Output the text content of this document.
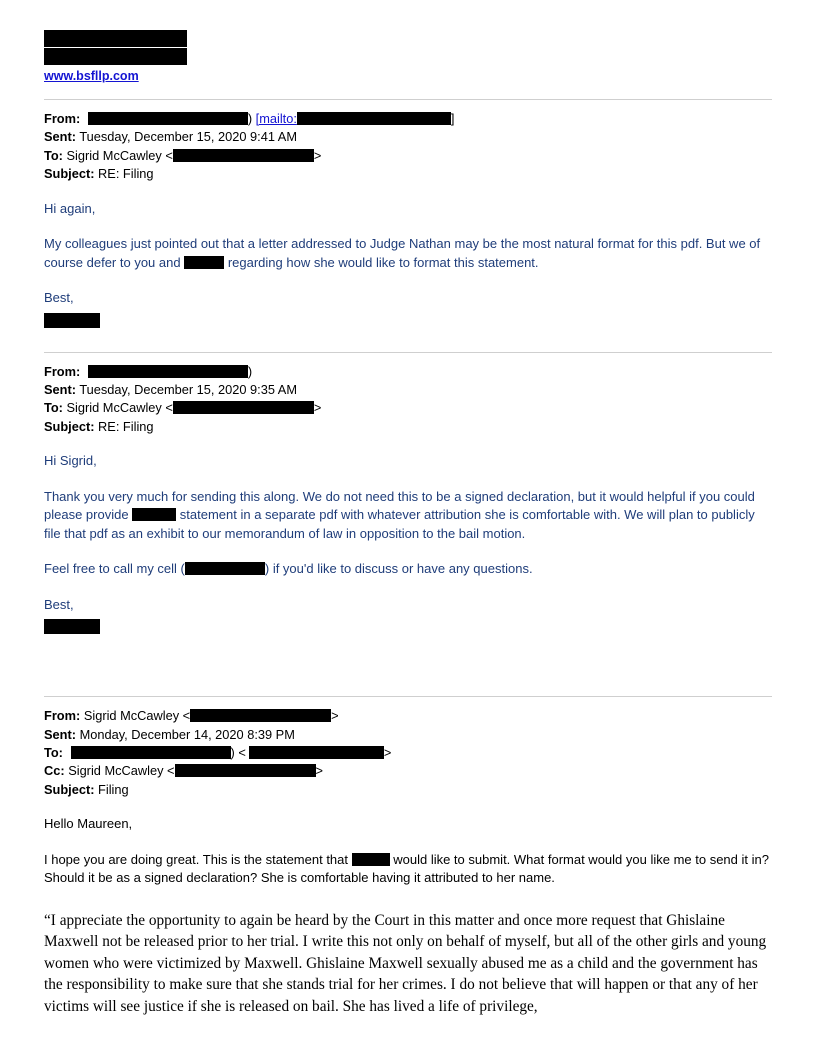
www.bsfllp.com
From:	) [mailto:	]
Sent: Tuesday, December 15, 2020 9:41 AM
To: Sigrid McCawley <	>
Subject: RE: Filing

Hi again,

My colleagues just pointed out that a letter addressed to Judge Nathan may be the most natural format for this pdf. But we of course defer to you and	regarding how she would like to format this statement.

Best,

From:	)
Sent: Tuesday, December 15, 2020 9:35 AM
To: Sigrid McCawley <	>
Subject: RE: Filing

Hi Sigrid,

Thank you very much for sending this along. We do not need this to be a signed declaration, but it would helpful if you could please provide	statement in a separate pdf with whatever attribution she is comfortable with. We will plan to publicly file that pdf as an exhibit to our memorandum of law in opposition to the bail motion.

Feel free to call my cell (	) if you'd like to discuss or have any questions.

Best,

From: Sigrid McCawley <	>
Sent: Monday, December 14, 2020 8:39 PM
To:	) <	>
Cc: Sigrid McCawley <	>
Subject: Filing

Hello Maureen,

I hope you are doing great. This is the statement that	would like to submit. What format would you like me to send it in? Should it be as a signed declaration? She is comfortable having it attributed to her name.

“I appreciate the opportunity to again be heard by the Court in this matter and once more request that Ghislaine Maxwell not be released prior to her trial. I write this not only on behalf of myself, but all of the other girls and young women who were victimized by Maxwell. Ghislaine Maxwell sexually abused me as a child and the government has the responsibility to make sure that she stands trial for her crimes. I do not believe that will happen or that any of her victims will see justice if she is released on bail. She has lived a life of privilege,
